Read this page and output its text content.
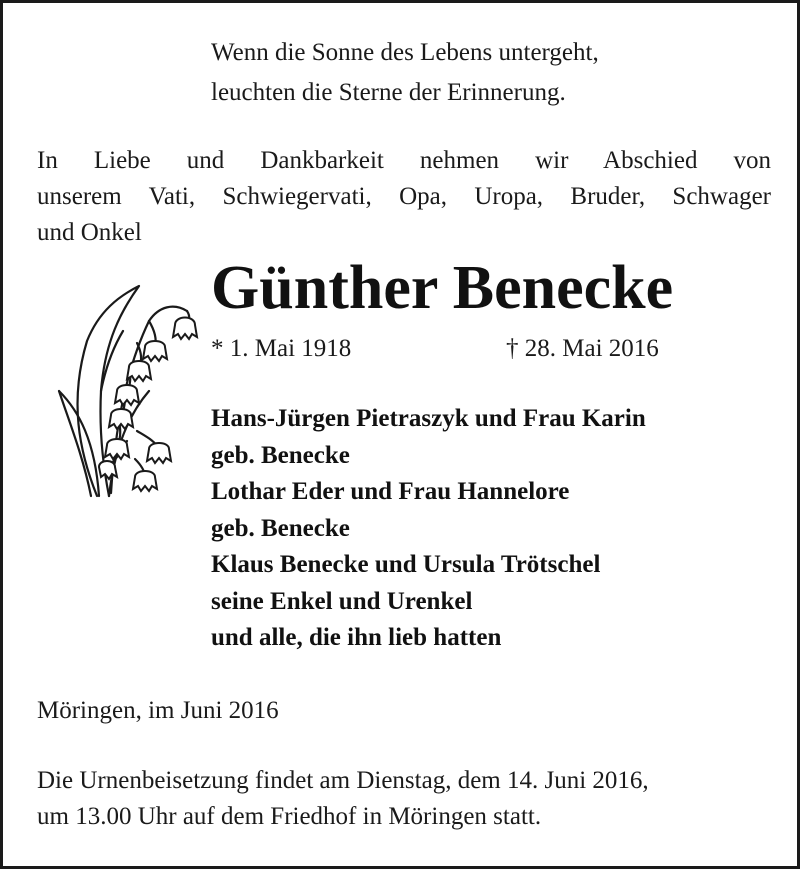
Wenn die Sonne des Lebens untergeht,
leuchten die Sterne der Erinnerung.
In Liebe und Dankbarkeit nehmen wir Abschied von
unserem Vati, Schwiegervati, Opa, Uropa, Bruder, Schwager
und Onkel
Günther Benecke
* 1. Mai 1918	† 28. Mai 2016
Hans-Jürgen Pietraszyk und Frau Karin
geb. Benecke
Lothar Eder und Frau Hannelore
geb. Benecke
Klaus Benecke und Ursula Trötschel
seine Enkel und Urenkel
und alle, die ihn lieb hatten
Möringen, im Juni 2016
Die Urnenbeisetzung findet am Dienstag, dem 14. Juni 2016,
um 13.00 Uhr auf dem Friedhof in Möringen statt.
